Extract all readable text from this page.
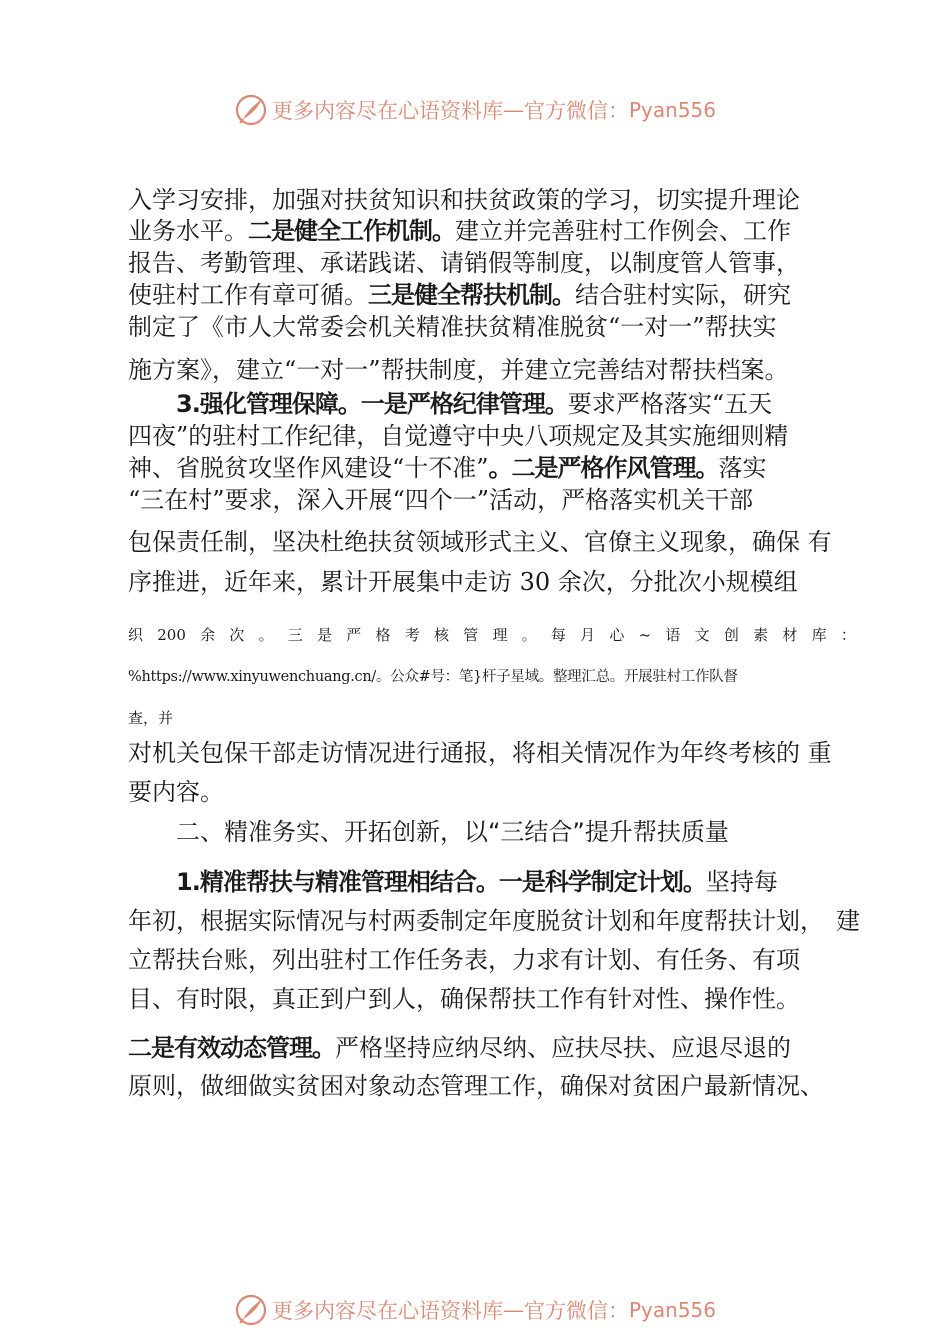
更多内容尽在心语资料库 — 官方微信： Pyan556
入学习安排，加强对扶贫知识和扶贫政策的学习，切实提升理论
业务水平。二是健全工作机制。建立并完善驻村工作例会、工作
报告、考勤管理、承诺践诺、请销假等制度，以制度管人管事，
使驻村工作有章可循。三是健全帮扶机制。结合驻村实际，研究
制定了《市人大常委会机关精准扶贫精准脱贫“一对一”帮扶实
施方案》，建立“一对一”帮扶制度，并建立完善结对帮扶档案。
3.强化管理保障。一是严格纪律管理。要求严格落实“五天
四夜”的驻村工作纪律，自觉遵守中央八项规定及其实施细则精
神、省脱贫攻坚作风建设“十不准”。二是严格作风管理。落实
“三在村”要求，深入开展“四个一”活动，严格落实机关干部
包保责任制，坚决杜绝扶贫领域形式主义、官僚主义现象，确保 有
序推进，近年来，累计开展集中走访 30 余次，分批次小规模组
织 200 余 次 。 三 是 严 格 考 核 管 理 。 每 月 心 ~ 语 文 创 素 材 库 ：
%https://www.xinyuwenchuang.cn/。公众#号：笔}杆子星域。整理汇总。开展驻村工作队督
查，并
对机关包保干部走访情况进行通报，将相关情况作为年终考核的 重
要内容。
二、精准务实、开拓创新，以“三结合”提升帮扶质量
1.精准帮扶与精准管理相结合。一是科学制定计划。坚持每
年初，根据实际情况与村两委制定年度脱贫计划和年度帮扶计划，　建
立帮扶台账，列出驻村工作任务表，力求有计划、有任务、有项
目、有时限，真正到户到人，确保帮扶工作有针对性、操作性。
二是有效动态管理。严格坚持应纳尽纳、应扶尽扶、应退尽退的
原则，做细做实贫困对象动态管理工作，确保对贫困户最新情况、
更多内容尽在心语资料库 — 官方微信： Pyan556
